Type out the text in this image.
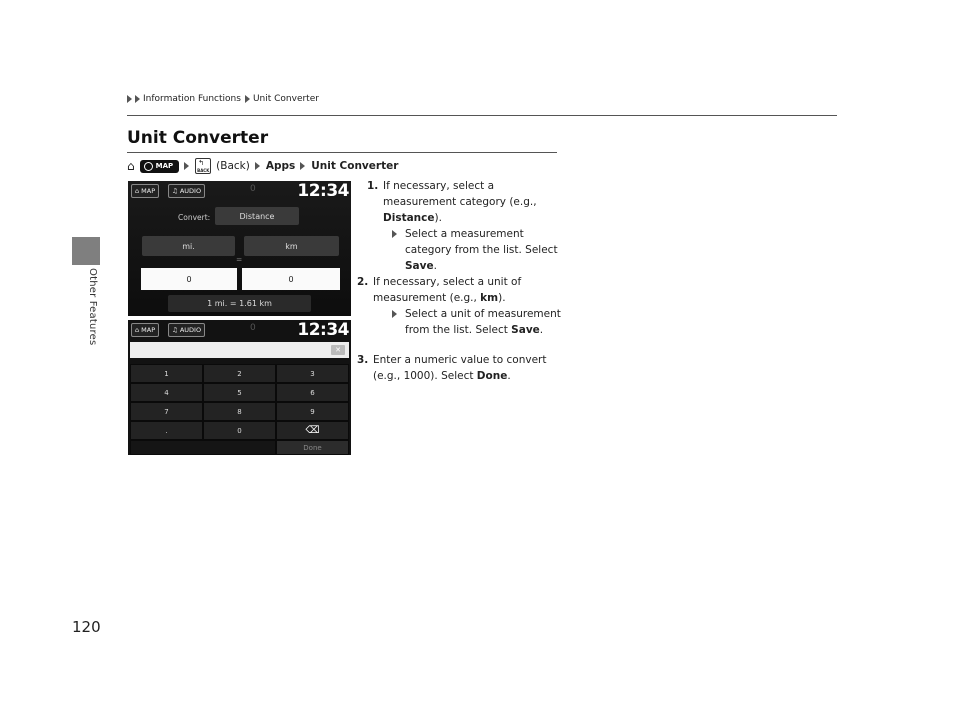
Other Features
120
Information Functions Unit Converter
Unit Converter
⌂	MAP	↰
BACK (Back) Apps Unit Converter
⌂ MAP	♫ AUDIO	0 12:34
Convert:	Distance
mi.	km
=
0	0
1 mi. = 1.61 km
⌂ MAP	♫ AUDIO	0 12:34
✕
1	2	3
4	5	6
7	8	9
.	0	⌫
Done
1. If necessary, select a measurement category (e.g., Distance).
Select a measurement category from the list. Select Save.
2. If necessary, select a unit of measurement (e.g., km).
Select a unit of measurement from the list. Select Save.
3. Enter a numeric value to convert (e.g., 1000). Select Done.
